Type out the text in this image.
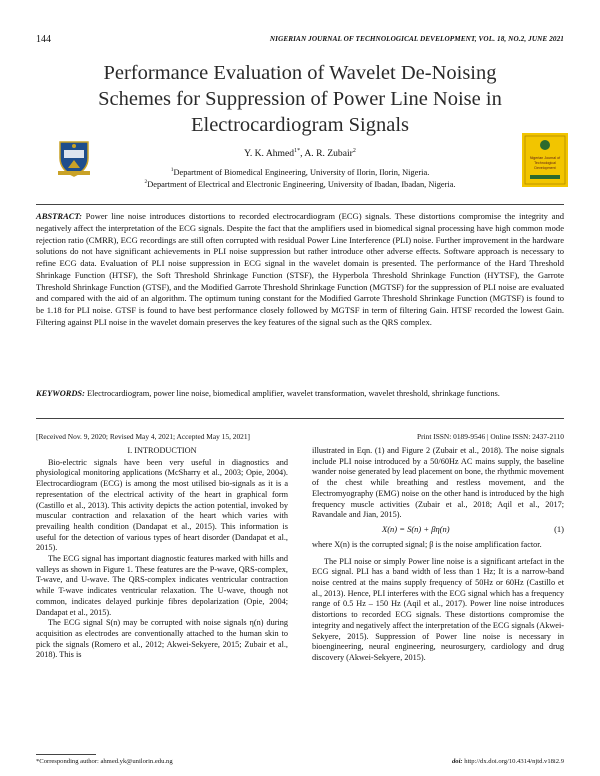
144	NIGERIAN JOURNAL OF TECHNOLOGICAL DEVELOPMENT, VOL. 18, NO.2, JUNE 2021
Performance Evaluation of Wavelet De-Noising
Schemes for Suppression of Power Line Noise in
Electrocardiogram Signals
Nigerian Journal of
Technological
Development
Y. K. Ahmed$^{1*}$, A. R. Zubair$^2$
$^1$Department of Biomedical Engineering, University of Ilorin, Ilorin, Nigeria.
$^2$Department of Electrical and Electronic Engineering, University of Ibadan, Ibadan, Nigeria.
ABSTRACT: Power line noise introduces distortions to recorded electrocardiogram (ECG) signals. These distortions compromise the integrity and negatively affect the interpretation of the ECG signals. Despite the fact that the amplifiers used in biomedical signal processing have high common mode rejection ratio (CMRR), ECG recordings are still often corrupted with residual Power Line Interference (PLI) noise. Further improvement in the hardware solutions do not have significant achievements in PLI noise suppression but rather introduce other adverse effects. Software approach is necessary to refine ECG data. Evaluation of PLI noise suppression in ECG signal in the wavelet domain is presented. The performance of the Hard Threshold Shrinkage Function (HTSF), the Soft Threshold Shrinkage Function (STSF), the Hyperbola Threshold Shrinkage Function (HYTSF), the Garrote Threshold Shrinkage Function (GTSF), and the Modified Garrote Threshold Shrinkage Function (MGTSF) for the suppression of PLI noise are evaluated and compared with the aid of an algorithm. The optimum tuning constant for the Modified Garrote Threshold Shrinkage Function (MGTSF) is found to be 1.18 for PLI noise. GTSF is found to have best performance closely followed by MGTSF in term of filtering Gain. HTSF recorded the lowest Gain. Filtering against PLI noise in the wavelet domain preserves the key features of the signal such as the QRS complex.
KEYWORDS: Electrocardiogram, power line noise, biomedical amplifier, wavelet transformation, wavelet threshold, shrinkage functions.
[Received Nov. 9, 2020; Revised May 4, 2021; Accepted May 15, 2021]	Print ISSN: 0189-9546 | Online ISSN: 2437-2110

I. INTRODUCTION

Bio-electric signals have been very useful in diagnostics and physiological monitoring applications (McSharry et al., 2003; Opie, 2004). Electrocardiogram (ECG) is among the most utilised bio-signals as it is a representation of the electrical activity of the heart in graphical form (Castillo et al., 2013). This activity depicts the action potential, invoked by muscular contraction and relaxation of the heart which varies with prevailing health condition (Dandapat et al., 2015). This information is useful for the detection of various types of heart disorder (Dandapat et al., 2015).

The ECG signal has important diagnostic features marked with hills and valleys as shown in Figure 1. These features are the P-wave, QRS-complex, T-wave, and U-wave. The QRS-complex indicates ventricular contraction while T-wave indicates ventricular relaxation. The U-wave, though not common, indicates delayed purkinje fibres depolarization (Opie, 2004; Dandapat et al., 2015).

The ECG signal S(n) may be corrupted with noise signals η(n) during acquisition as electrodes are conventionally attached to the human skin to pick the signals (Romero et al., 2012; Akwei-Sekyere, 2015; Zubair et al., 2018). This is

illustrated in Eqn. (1) and Figure 2 (Zubair et al., 2018). The noise signals include PLI noise introduced by a 50/60Hz AC mains supply, the baseline wander noise generated by lead placement on bone, the rhythmic movement of the chest while breathing and restless movement, and the Electromyography (EMG) noise on the other hand is introduced by the high frequency muscle activities (Zubair et al., 2018; Aqil et al., 2017; Ravandale and Jian, 2015).

X(n) = S(n) + βη(n)	(1)

where X(n) is the corrupted signal; β is the noise amplification factor.

The PLI noise or simply Power line noise is a significant artefact in the ECG signal. PLI has a band width of less than 1 Hz; It is a narrow-band noise centred at the mains supply frequency of 50Hz or 60Hz (Castillo et al., 2013). Hence, PLI interferes with the ECG signal which has a frequency range of 0.5 Hz – 150 Hz (Aqil et al., 2017). Power line noise introduces distortions to recorded ECG signals. These distortions compromise the integrity and negatively affect the interpretation of the ECG signals (Akwei-Sekyere, 2015). Suppression of Power line noise is necessary in bioengineering, neural engineering, neurosurgery, cardiology and drug discovery (Akwei-Sekyere, 2015).

*Corresponding author: ahmed.yk@unilorin.edu.ng	doi: http://dx.doi.org/10.4314/njtd.v18i2.9
